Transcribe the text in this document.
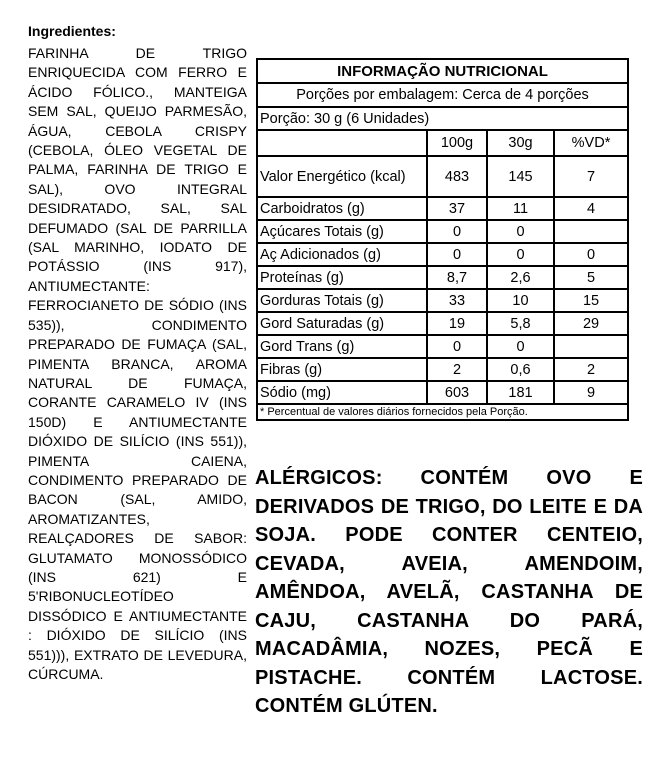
Ingredientes:

FARINHA DE TRIGO ENRIQUECIDA COM FERRO E ÁCIDO FÓLICO., MANTEIGA SEM SAL, QUEIJO PARMESÃO, ÁGUA, CEBOLA CRISPY (CEBOLA, ÓLEO VEGETAL DE PALMA, FARINHA DE TRIGO E SAL), OVO INTEGRAL DESIDRATADO, SAL, SAL DEFUMADO (SAL DE PARRILLA (SAL MARINHO, IODATO DE POTÁSSIO (INS 917), ANTIUMECTANTE: FERROCIANETO DE SÓDIO (INS 535)), CONDIMENTO PREPARADO DE FUMAÇA (SAL, PIMENTA BRANCA, AROMA NATURAL DE FUMAÇA, CORANTE CARAMELO IV (INS 150D) E ANTIUMECTANTE DIÓXIDO DE SILÍCIO (INS 551)), PIMENTA CAIENA, CONDIMENTO PREPARADO DE BACON (SAL, AMIDO, AROMATIZANTES, REALÇADORES DE SABOR: GLUTAMATO MONOSSÓDICO (INS 621) E 5'RIBONUCLEOTÍDEO DISSÓDICO E ANTIUMECTANTE : DIÓXIDO DE SILÍCIO (INS 551))), EXTRATO DE LEVEDURA, CÚRCUMA.

INFORMAÇÃO NUTRICIONAL			
Porções por embalagem: Cerca de 4 porções			
Porção: 30 g (6 Unidades)			
	100g	30g	%VD*
Valor Energético (kcal)	483	145	7
Carboidratos (g)	37	11	4
Açúcares Totais (g)	0	0	
Aç Adicionados (g)	0	0	0
Proteínas (g)	8,7	2,6	5
Gorduras Totais (g)	33	10	15
Gord Saturadas (g)	19	5,8	29
Gord Trans (g)	0	0	
Fibras (g)	2	0,6	2
Sódio (mg)	603	181	9
* Percentual de valores diários fornecidos pela Porção.			

ALÉRGICOS: CONTÉM OVO E DERIVADOS DE TRIGO, DO LEITE E DA SOJA. PODE CONTER CENTEIO, CEVADA, AVEIA, AMENDOIM, AMÊNDOA, AVELÃ, CASTANHA DE CAJU, CASTANHA DO PARÁ, MACADÂMIA, NOZES, PECÃ E PISTACHE. CONTÉM LACTOSE. CONTÉM GLÚTEN.
